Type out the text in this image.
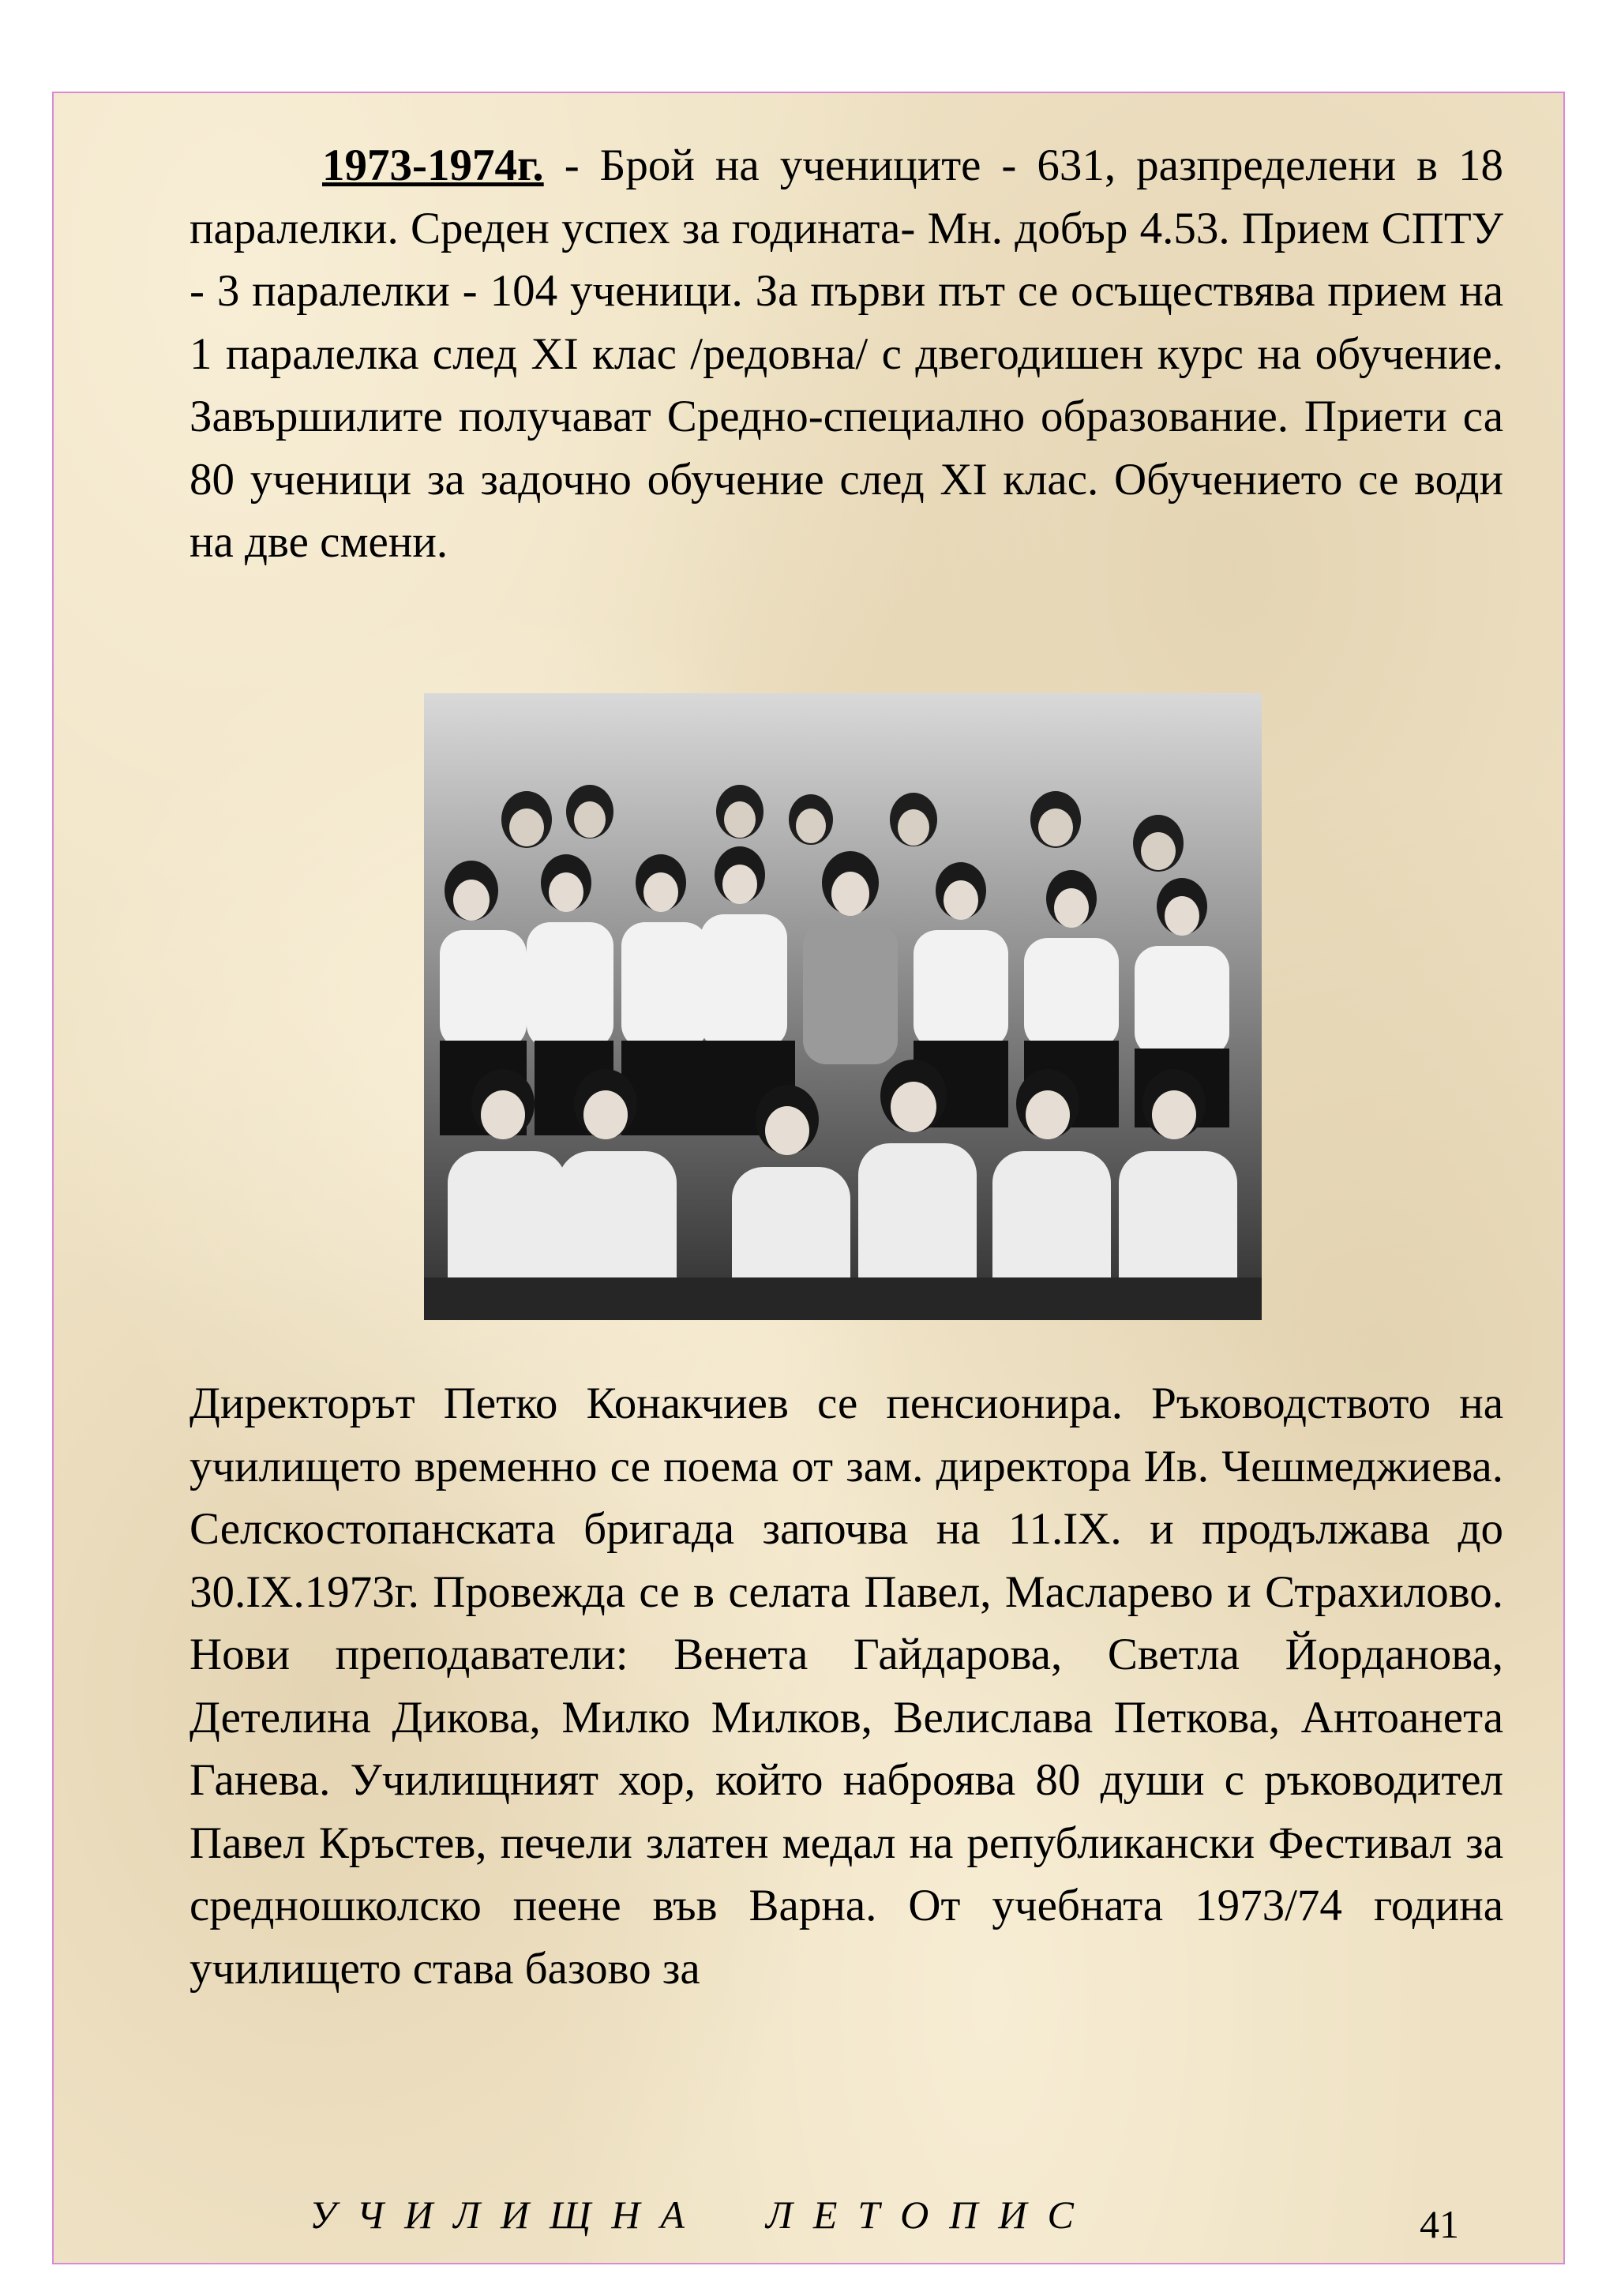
1973-1974г. - Брой на учениците - 631, разпределени в 18 паралелки. Среден успех за годината- Мн. добър 4.53. Прием СПТУ - 3 паралелки - 104 ученици. За първи път се осъществява прием на 1 паралелка след XI клас /редовна/ с двегодишен курс на обучение. Завършилите получават Средно-специално образование. Приети са 80 ученици за задочно обучение след XI клас. Обучението се води на две смени.

Директорът Петко Конакчиев се пенсионира. Ръководството на училището временно се поема от зам. директора Ив. Чешмеджиева. Селскостопанската бригада започва на 11.IX. и продължава до 30.IX.1973г. Провежда се в селата Павел, Масларево и Страхилово. Нови преподаватели: Венета Гайдарова, Светла Йорданова, Детелина Дикова, Милко Милков, Велислава Петкова, Антоанета Ганева. Училищният хор, който наброява 80 души с ръководител Павел Кръстев, печели златен медал на републикански Фестивал за средношколско пеене във Варна. От учебната 1973/74 година училището става базово за

УЧИЛИЩНА  ЛЕТОПИС	41
